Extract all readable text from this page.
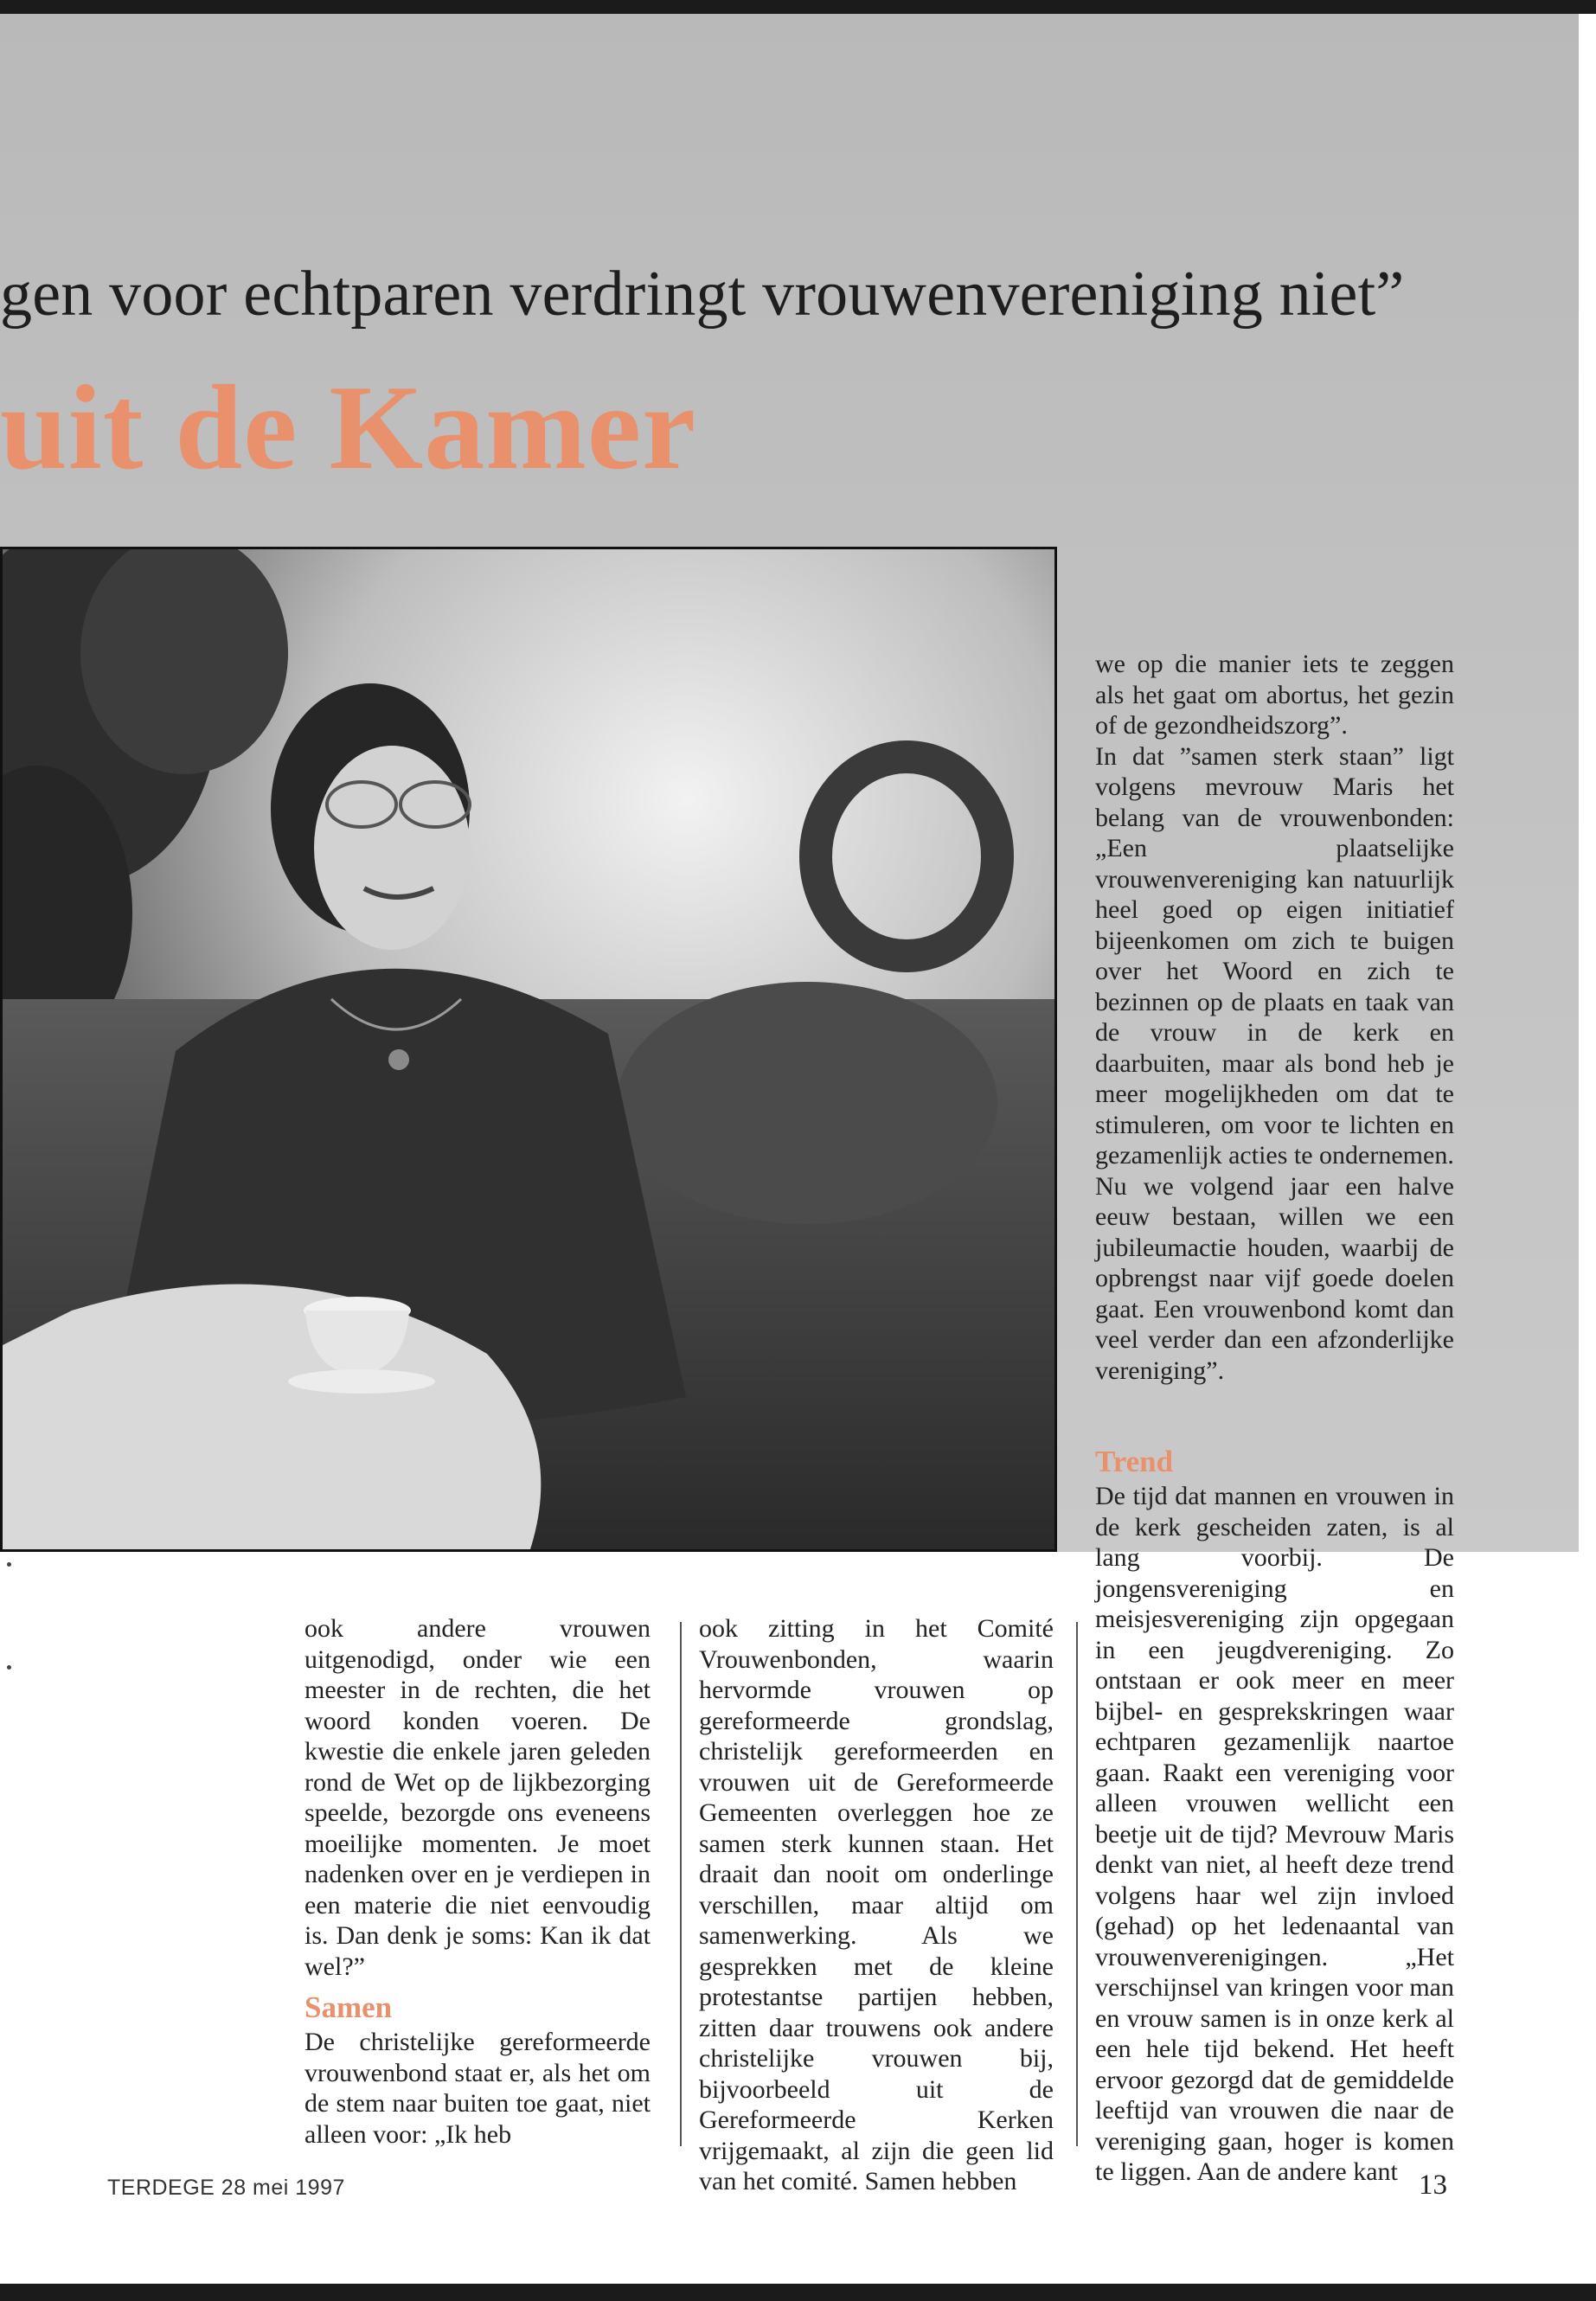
gen voor echtparen verdringt vrouwenvereniging niet”
uit de Kamer

ook andere vrouwen uitgenodigd, onder wie een meester in de rechten, die het woord konden voeren. De kwestie die enkele jaren geleden rond de Wet op de lijkbezorging speelde, bezorgde ons eveneens moeilijke momenten. Je moet nadenken over en je verdiepen in een materie die niet eenvoudig is. Dan denk je soms: Kan ik dat wel?”

Samen

De christelijke gereformeerde vrouwenbond staat er, als het om de stem naar buiten toe gaat, niet alleen voor: „Ik heb

ook zitting in het Comité Vrouwenbonden, waarin hervormde vrouwen op gereformeerde grondslag, christelijk gereformeerden en vrouwen uit de Gereformeerde Gemeenten overleggen hoe ze samen sterk kunnen staan. Het draait dan nooit om onderlinge verschillen, maar altijd om samenwerking. Als we gesprekken met de kleine protestantse partijen hebben, zitten daar trouwens ook andere christelijke vrouwen bij, bijvoorbeeld uit de Gereformeerde Kerken vrijgemaakt, al zijn die geen lid van het comité. Samen hebben

we op die manier iets te zeggen als het gaat om abortus, het gezin of de gezondheidszorg”.

In dat ”samen sterk staan” ligt volgens mevrouw Maris het belang van de vrouwenbonden: „Een plaatselijke vrouwenvereniging kan natuurlijk heel goed op eigen initiatief bijeenkomen om zich te buigen over het Woord en zich te bezinnen op de plaats en taak van de vrouw in de kerk en daarbuiten, maar als bond heb je meer mogelijkheden om dat te stimuleren, om voor te lichten en gezamenlijk acties te ondernemen.

Nu we volgend jaar een halve eeuw bestaan, willen we een jubileumactie houden, waarbij de opbrengst naar vijf goede doelen gaat. Een vrouwenbond komt dan veel verder dan een afzonderlijke vereniging”.

Trend

De tijd dat mannen en vrouwen in de kerk gescheiden zaten, is al lang voorbij. De jongensvereniging en meisjesvereniging zijn opgegaan in een jeugdvereniging. Zo ontstaan er ook meer en meer bijbel- en gesprekskringen waar echtparen gezamenlijk naartoe gaan. Raakt een vereniging voor alleen vrouwen wellicht een beetje uit de tijd? Mevrouw Maris denkt van niet, al heeft deze trend volgens haar wel zijn invloed (gehad) op het ledenaantal van vrouwenverenigingen. „Het verschijnsel van kringen voor man en vrouw samen is in onze kerk al een hele tijd bekend. Het heeft ervoor gezorgd dat de gemiddelde leeftijd van vrouwen die naar de vereniging gaan, hoger is komen te liggen. Aan de andere kant

TERDEGE 28 mei 1997	13
